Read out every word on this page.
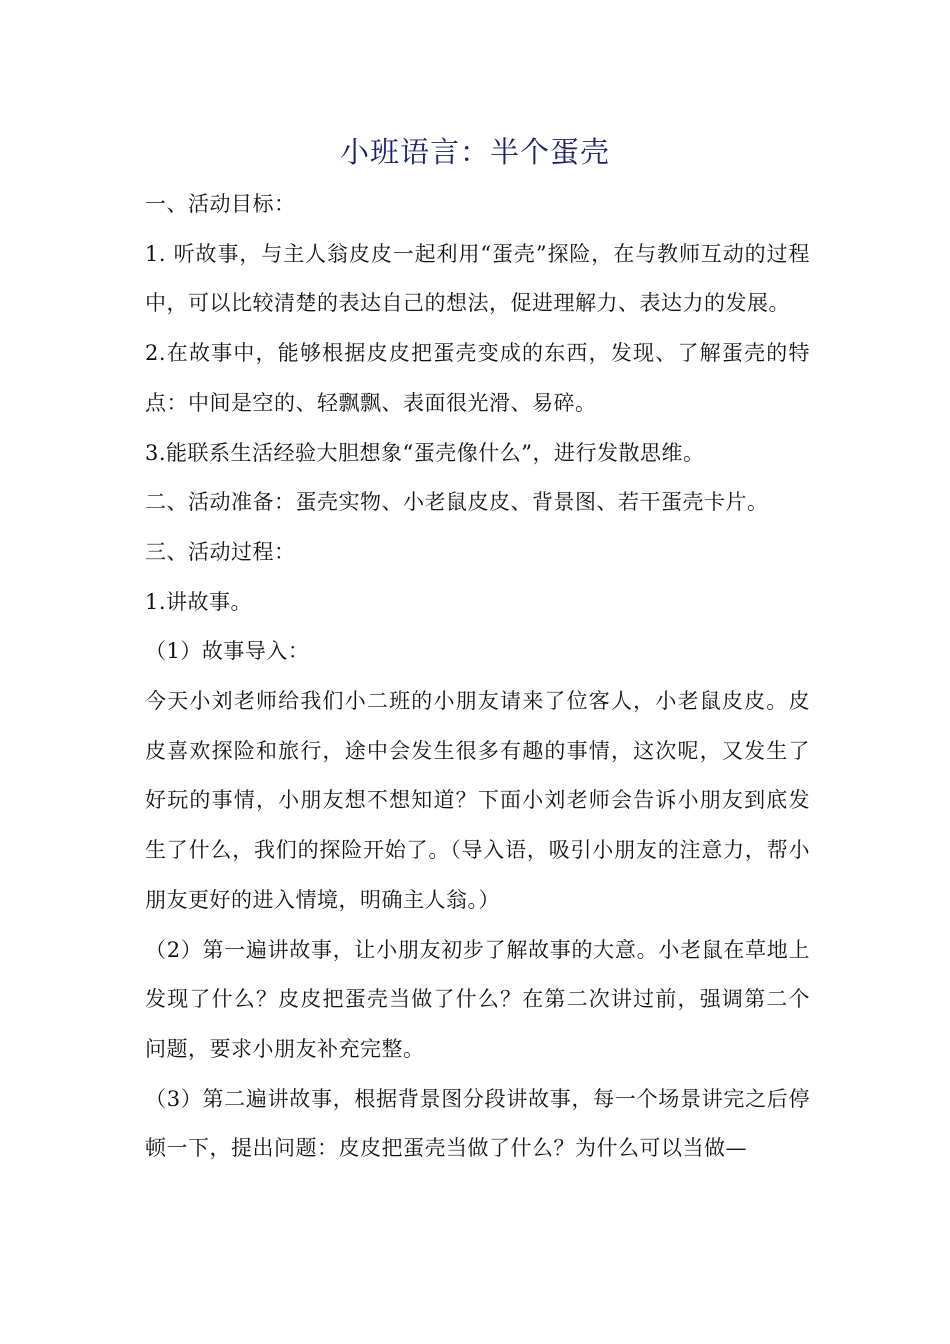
小班语言：半个蛋壳

一、活动目标：

1. 听故事，与主人翁皮皮一起利用“蛋壳”探险，在与教师互动的过程中，可以比较清楚的表达自己的想法，促进理解力、表达力的发展。

2.在故事中，能够根据皮皮把蛋壳变成的东西，发现、了解蛋壳的特点：中间是空的、轻飘飘、表面很光滑、易碎。

3.能联系生活经验大胆想象“蛋壳像什么”，进行发散思维。

二、活动准备：蛋壳实物、小老鼠皮皮、背景图、若干蛋壳卡片。

三、活动过程：

1.讲故事。

（1）故事导入：

今天小刘老师给我们小二班的小朋友请来了位客人，小老鼠皮皮。皮皮喜欢探险和旅行，途中会发生很多有趣的事情，这次呢，又发生了好玩的事情，小朋友想不想知道？下面小刘老师会告诉小朋友到底发生了什么，我们的探险开始了。（导入语，吸引小朋友的注意力，帮小朋友更好的进入情境，明确主人翁。）

（2）第一遍讲故事，让小朋友初步了解故事的大意。小老鼠在草地上发现了什么？皮皮把蛋壳当做了什么？在第二次讲过前，强调第二个问题，要求小朋友补充完整。

（3）第二遍讲故事，根据背景图分段讲故事，每一个场景讲完之后停顿一下，提出问题：皮皮把蛋壳当做了什么？为什么可以当做—
